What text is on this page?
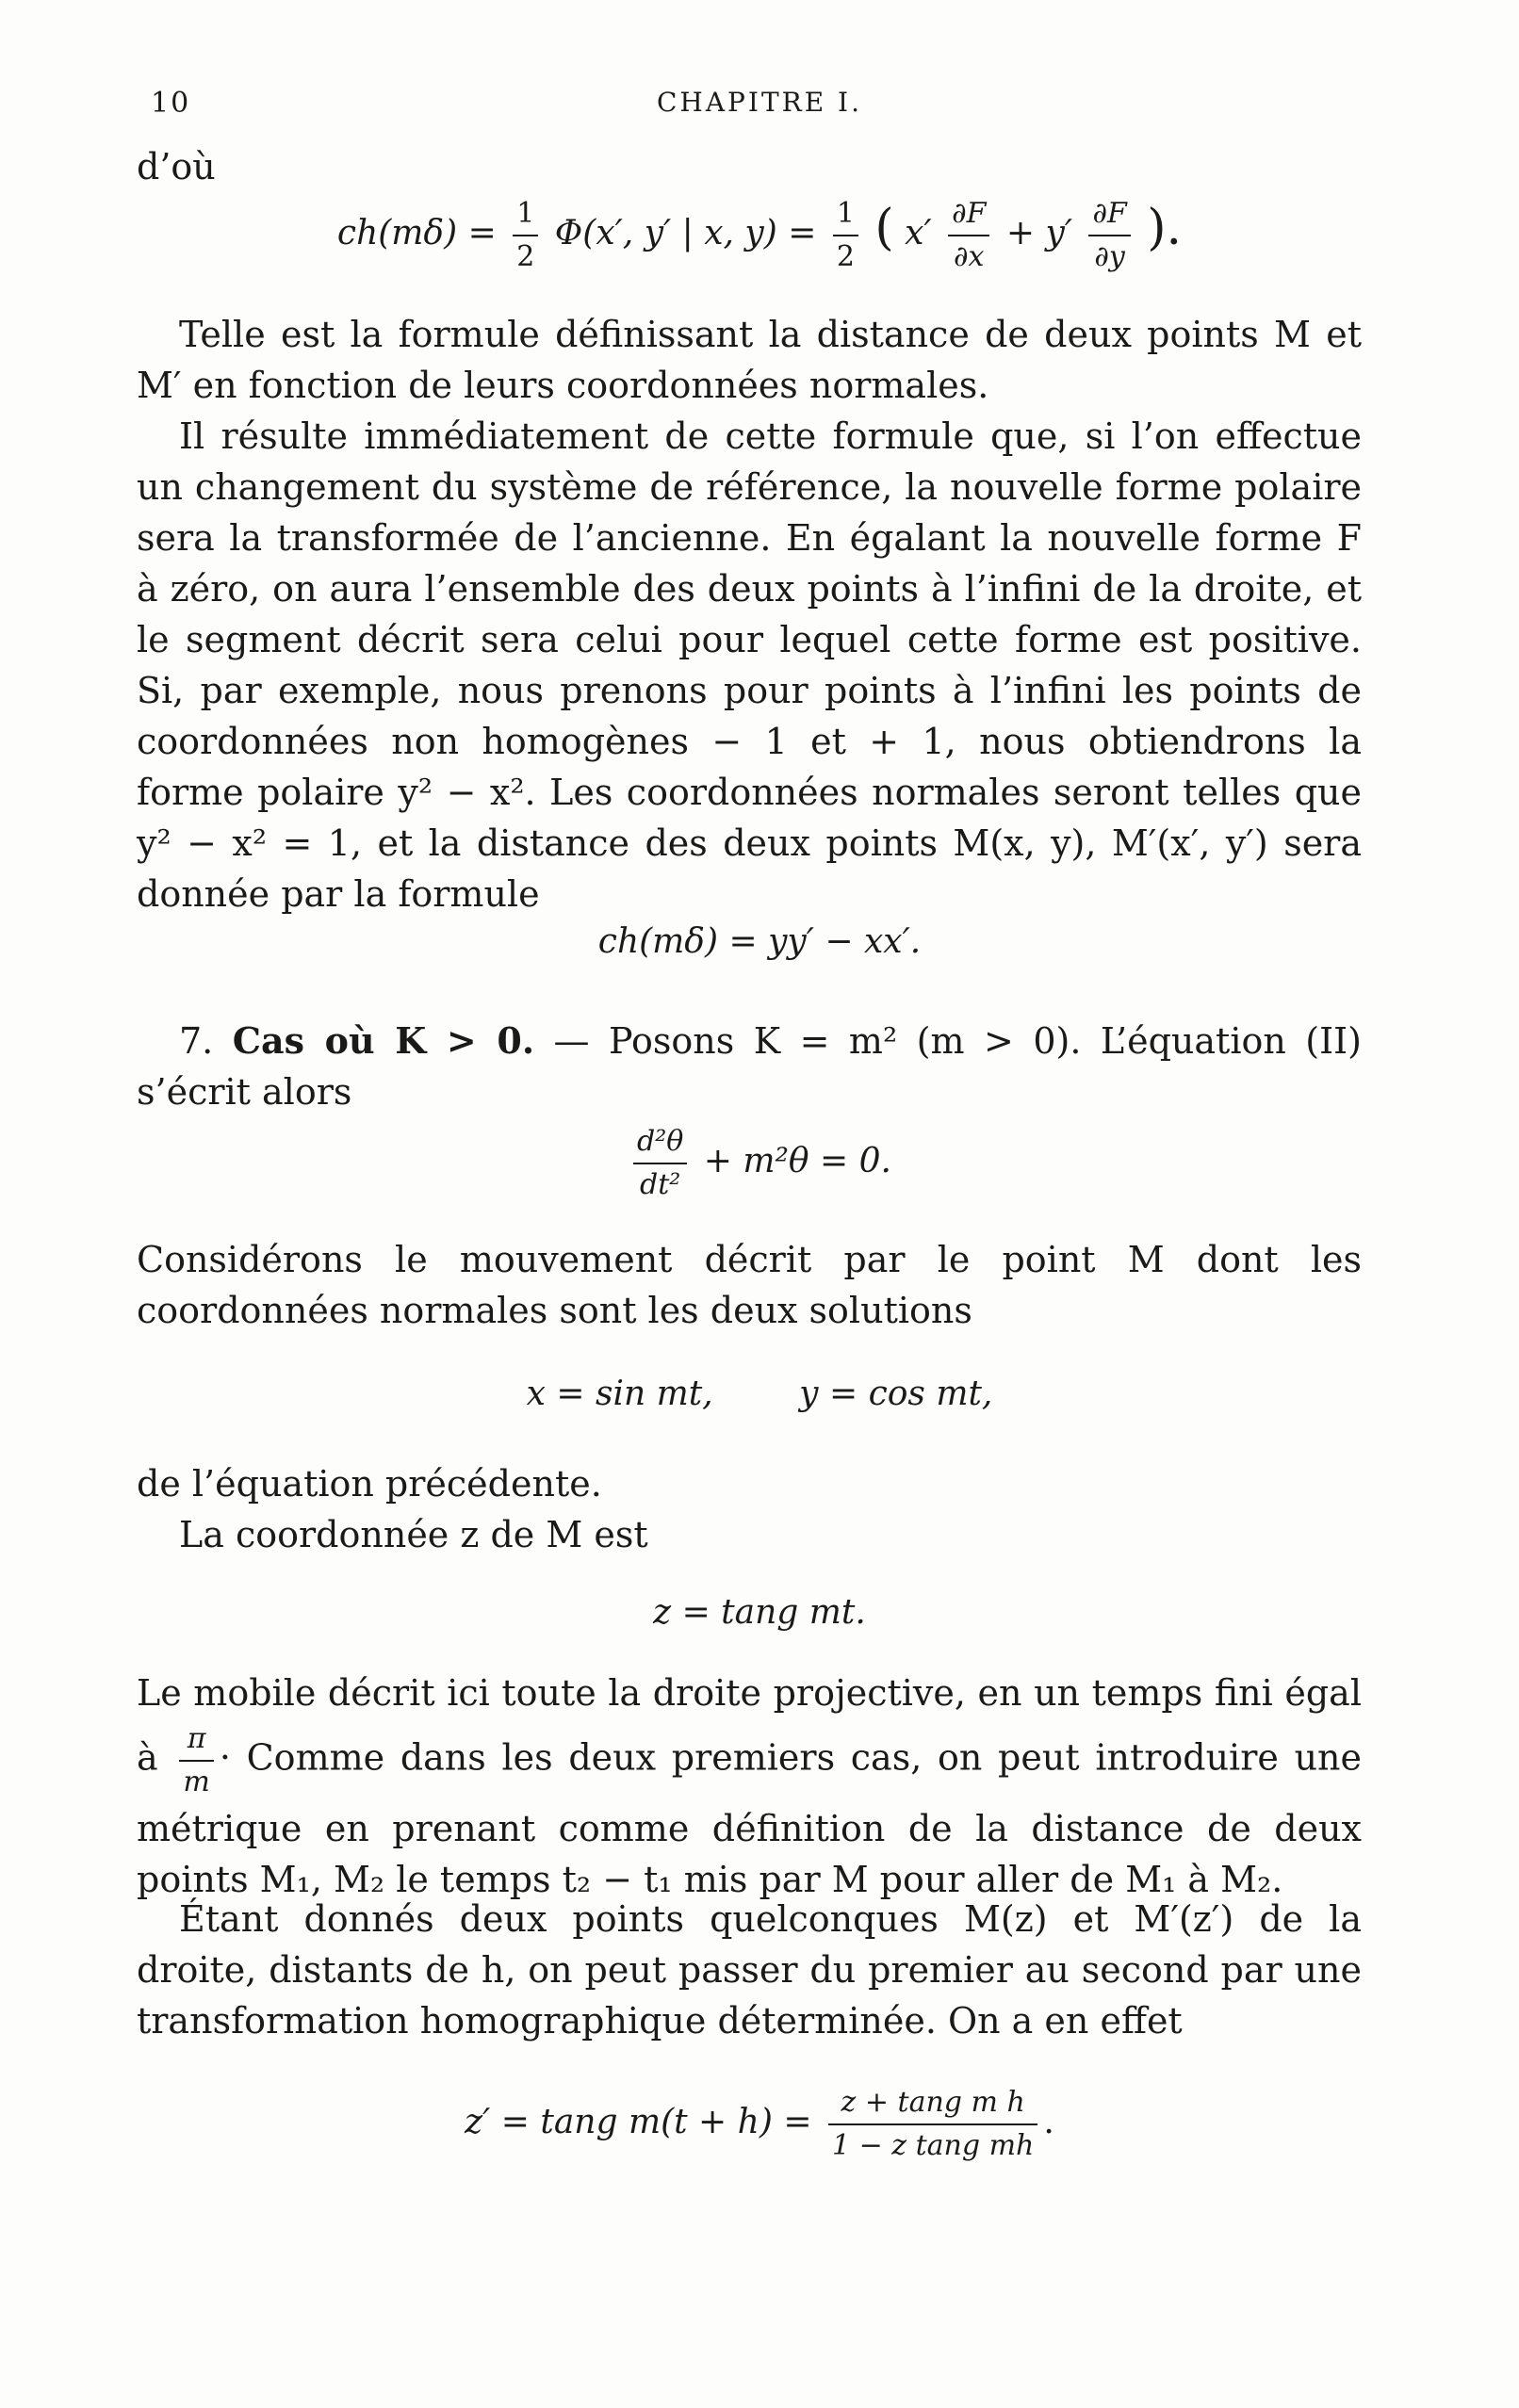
10	CHAPITRE I.
d’où
$ch(m\delta) = \frac{1}{2} \Phi(x'$, y′ | x, $y) = \frac{1}{2}$ ( $x' \frac{\partial F}{\partial x} + y' \frac{\partial F}{\partial y}$ ).
Telle est la formule définissant la distance de deux points M et M′ en fonction de leurs coordonnées normales.
Il résulte immédiatement de cette formule que, si l’on effectue un changement du système de référence, la nouvelle forme polaire sera la transformée de l’ancienne. En égalant la nouvelle forme F à zéro, on aura l’ensemble des deux points à l’infini de la droite, et le segment décrit sera celui pour lequel cette forme est positive. Si, par exemple, nous prenons pour points à l’infini les points de coordonnées non homogènes − 1 et + 1, nous obtiendrons la forme polaire y² − x². Les coordonnées normales seront telles que y² − x² = 1, et la distance des deux points M(x, y), M′(x′, y′) sera donnée par la formule
ch(mδ) = yy′ − xx′.
7. Cas où K > 0. — Posons K = m² (m > 0). L’équation (II) s’écrit alors
$\frac{\text{d²θ}}{\text{dt²}} + m^2\theta = 0$.
Considérons le mouvement décrit par le point M dont les coordonnées normales sont les deux solutions
x = sin mt,        y = cos mt,
de l’équation précédente.
La coordonnée z de M est
z = tang mt.
Le mobile décrit ici toute la droite projective, en un temps fini égal à $\frac{\pi}{m}$ · Comme dans les deux premiers cas, on peut introduire une métrique en prenant comme définition de la distance de deux points M₁, M₂ le temps t₂ − t₁ mis par M pour aller de M₁ à M₂.
Étant donnés deux points quelconques M(z) et M′(z′) de la droite, distants de h, on peut passer du premier au second par une transformation homographique déterminée. On a en effet
z′ = tang $m(t + h) = \frac{\text{z + tang m h}}{\text{1 − z tang mh}}$ .
